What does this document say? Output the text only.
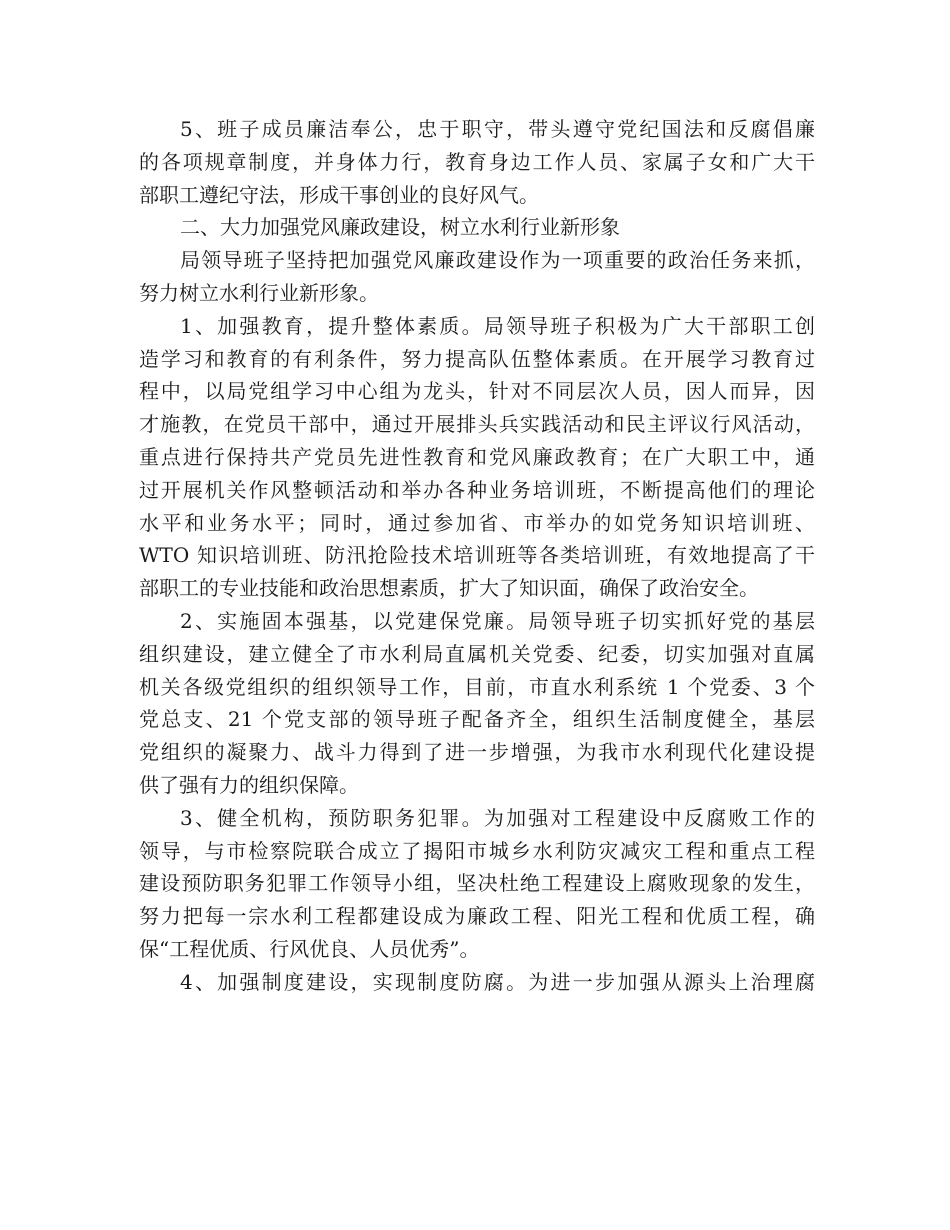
5、班子成员廉洁奉公，忠于职守，带头遵守党纪国法和反腐倡廉
的各项规章制度，并身体力行，教育身边工作人员、家属子女和广大干
部职工遵纪守法，形成干事创业的良好风气。
二、大力加强党风廉政建设，树立水利行业新形象
局领导班子坚持把加强党风廉政建设作为一项重要的政治任务来抓，
努力树立水利行业新形象。
1、加强教育，提升整体素质。局领导班子积极为广大干部职工创
造学习和教育的有利条件，努力提高队伍整体素质。在开展学习教育过
程中，以局党组学习中心组为龙头，针对不同层次人员，因人而异，因
才施教，在党员干部中，通过开展排头兵实践活动和民主评议行风活动，
重点进行保持共产党员先进性教育和党风廉政教育；在广大职工中，通
过开展机关作风整顿活动和举办各种业务培训班，不断提高他们的理论
水平和业务水平；同时，通过参加省、市举办的如党务知识培训班、
WTO 知识培训班、防汛抢险技术培训班等各类培训班，有效地提高了干
部职工的专业技能和政治思想素质，扩大了知识面，确保了政治安全。
2、实施固本强基，以党建保党廉。局领导班子切实抓好党的基层
组织建设，建立健全了市水利局直属机关党委、纪委，切实加强对直属
机关各级党组织的组织领导工作，目前，市直水利系统 1 个党委、3 个
党总支、21 个党支部的领导班子配备齐全，组织生活制度健全，基层
党组织的凝聚力、战斗力得到了进一步增强，为我市水利现代化建设提
供了强有力的组织保障。
3、健全机构，预防职务犯罪。为加强对工程建设中反腐败工作的
领导，与市检察院联合成立了揭阳市城乡水利防灾减灾工程和重点工程
建设预防职务犯罪工作领导小组，坚决杜绝工程建设上腐败现象的发生，
努力把每一宗水利工程都建设成为廉政工程、阳光工程和优质工程，确
保“工程优质、行风优良、人员优秀”。
4、加强制度建设，实现制度防腐。为进一步加强从源头上治理腐
